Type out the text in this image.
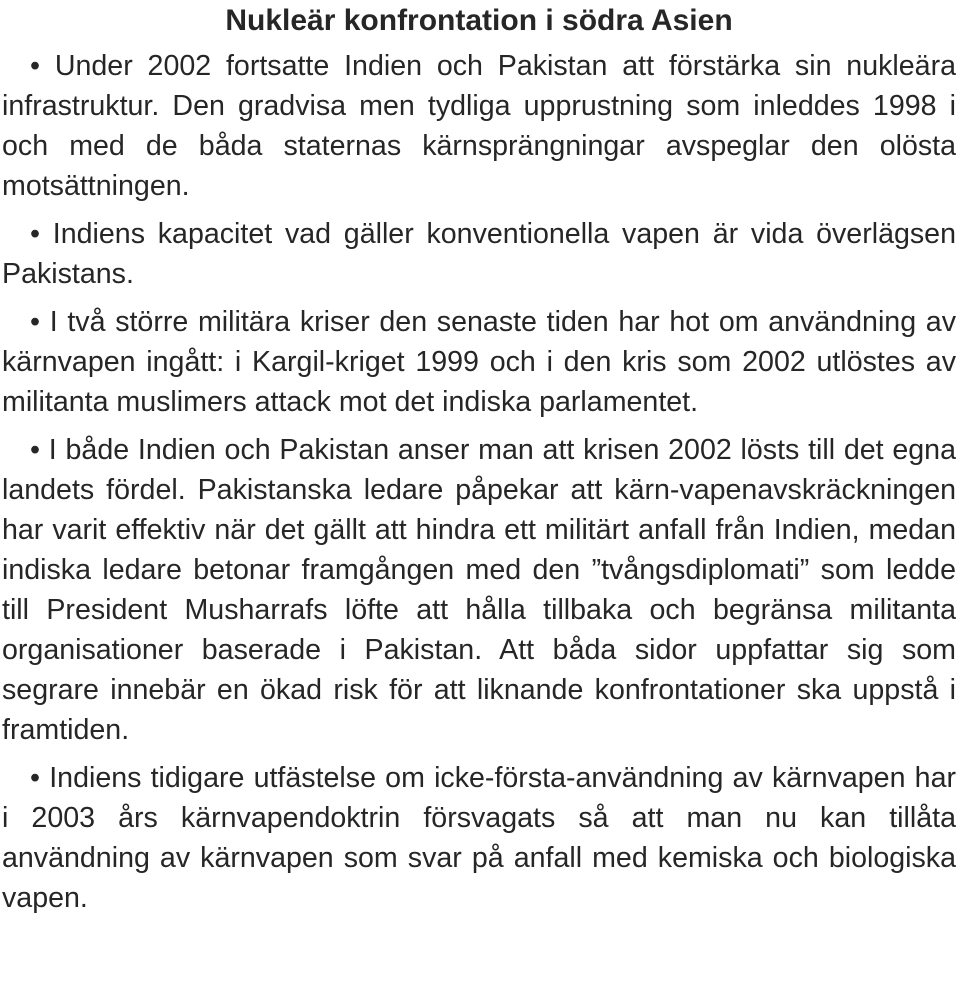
Nukleär konfrontation i södra Asien

• Under 2002 fortsatte Indien och Pakistan att förstärka sin nukleära infrastruktur. Den gradvisa men tydliga upprustning som inleddes 1998 i och med de båda staternas kärnsprängningar avspeglar den olösta motsättningen.

• Indiens kapacitet vad gäller konventionella vapen är vida överlägsen Pakistans.

• I två större militära kriser den senaste tiden har hot om användning av kärnvapen ingått: i Kargil-kriget 1999 och i den kris som 2002 utlöstes av militanta muslimers attack mot det indiska parlamentet.

• I både Indien och Pakistan anser man att krisen 2002 lösts till det egna landets fördel. Pakistanska ledare påpekar att kärn-vapenavskräckningen har varit effektiv när det gällt att hindra ett militärt anfall från Indien, medan indiska ledare betonar framgången med den ”tvångsdiplomati” som ledde till President Musharrafs löfte att hålla tillbaka och begränsa militanta organisationer baserade i Pakistan. Att båda sidor uppfattar sig som segrare innebär en ökad risk för att liknande konfrontationer ska uppstå i framtiden.

• Indiens tidigare utfästelse om icke-första-användning av kärnvapen har i 2003 års kärnvapendoktrin försvagats så att man nu kan tillåta användning av kärnvapen som svar på anfall med kemiska och biologiska vapen.
